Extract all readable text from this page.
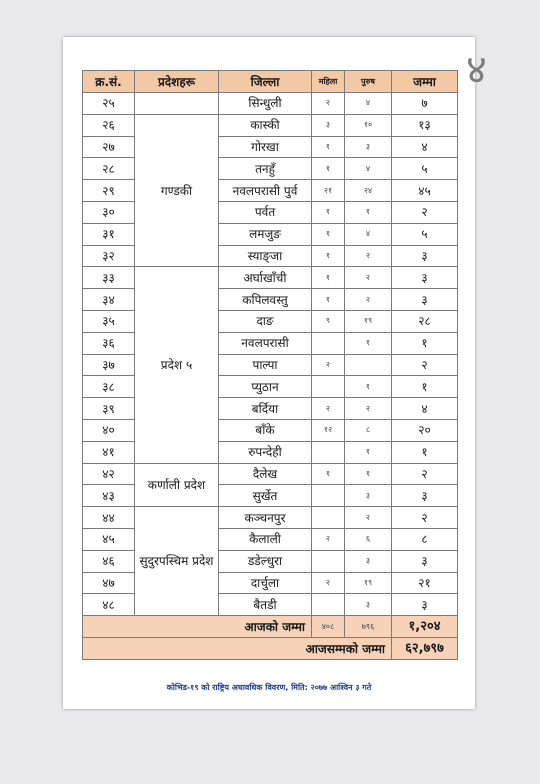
४
क्र.सं.	प्रदेशहरू	जिल्ला	महिला	पुरुष	जम्मा
२५		सिन्धुली	२	४	७
२६	गण्डकी	कास्की	३	१०	१३
२७		गोरखा	१	३	४
२८		तनहुँ	१	४	५
२९		नवलपरासी पुर्व	२१	२४	४५
३०		पर्वत	१	१	२
३१		लमजुङ	१	४	५
३२		स्याङ्जा	१	२	३
३३	प्रदेश ५	अर्घाखाँची	१	२	३
३४		कपिलवस्तु	१	२	३
३५		दाङ	९	१९	२८
३६		नवलपरासी		१	१
३७		पाल्पा	२		२
३८		प्युठान		१	१
३९		बर्दिया	२	२	४
४०		बाँके	१२	८	२०
४१		रुपन्देही		१	१
४२	कर्णाली प्रदेश	दैलेख	१	१	२
४३		सुर्खेत		३	३
४४	सुदुरपस्चिम प्रदेश	कञ्चनपुर		२	२
४५		कैलाली	२	६	८
४६		डडेल्धुरा		३	३
४७		दार्चुला	२	१९	२१
४८		बैतडी		३	३
आजको जम्मा			४०८	७९६	१,२०४
आजसम्मको जम्मा					६२,७९७
कोभिड-१९ को राष्ट्रिय अधावधिक विवरण, मिति: २०७७ आश्विन ३ गते
